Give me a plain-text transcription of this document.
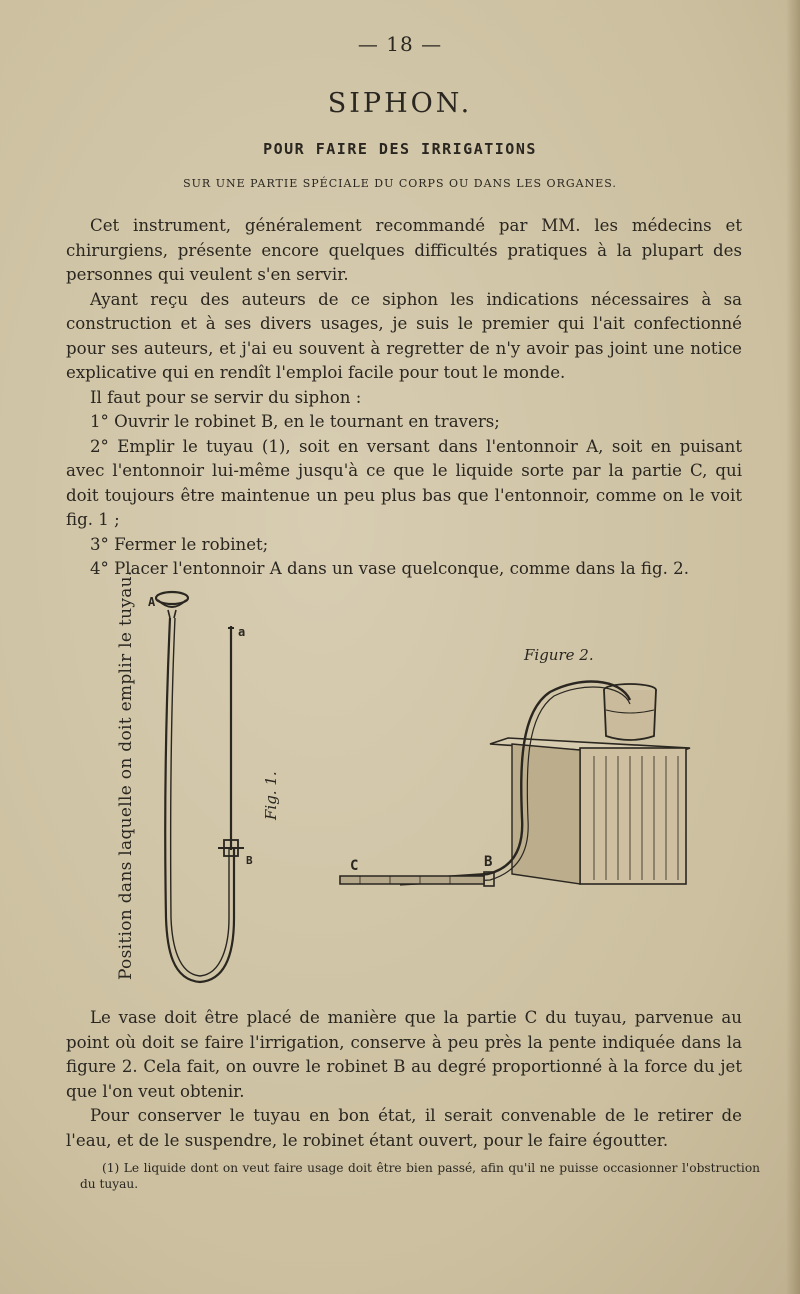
— 18 —
SIPHON.
POUR FAIRE DES IRRIGATIONS
SUR UNE PARTIE SPÉCIALE DU CORPS OU DANS LES ORGANES.

Cet instrument, généralement recommandé par MM. les médecins et chirurgiens, présente encore quelques difficultés pratiques à la plupart des personnes qui veulent s'en servir.

Ayant reçu des auteurs de ce siphon les indications nécessaires à sa construction et à ses divers usages, je suis le premier qui l'ait confectionné pour ses auteurs, et j'ai eu souvent à regretter de n'y avoir pas joint une notice explicative qui en rendît l'emploi facile pour tout le monde.

Il faut pour se servir du siphon :

1° Ouvrir le robinet B, en le tournant en travers;

2° Emplir le tuyau (1), soit en versant dans l'entonnoir A, soit en puisant avec l'entonnoir lui-même jusqu'à ce que le liquide sorte par la partie C, qui doit toujours être maintenue un peu plus bas que l'entonnoir, comme on le voit fig. 1 ;

3° Fermer le robinet;

4° Placer l'entonnoir A dans un vase quelconque, comme dans la fig. 2.

A
a
B	C	B
Position dans laquelle on doit emplir le tuyau.	Fig. 1.
Figure 2.

Le vase doit être placé de manière que la partie C du tuyau, parvenue au point où doit se faire l'irrigation, conserve à peu près la pente indiquée dans la figure 2. Cela fait, on ouvre le robinet B au degré proportionné à la force du jet que l'on veut obtenir.

Pour conserver le tuyau en bon état, il serait convenable de le retirer de l'eau, et de le suspendre, le robinet étant ouvert, pour le faire égoutter.

(1) Le liquide dont on veut faire usage doit être bien passé, afin qu'il ne puisse occasionner l'obstruction du tuyau.
